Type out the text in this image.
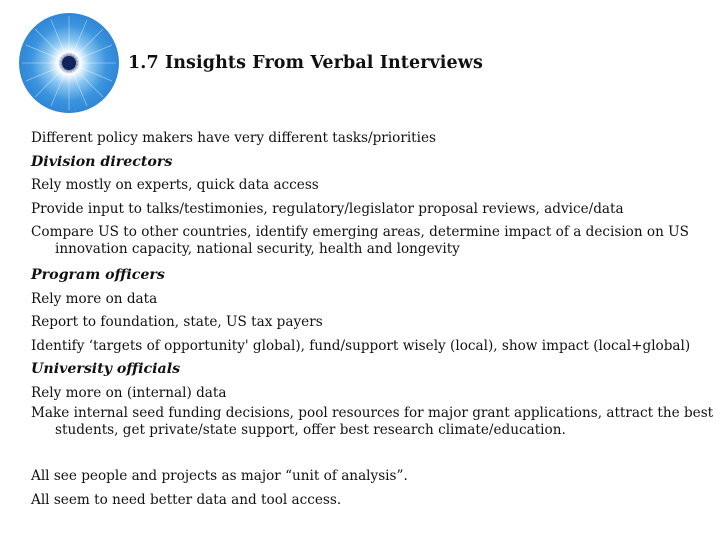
1.7 Insights From Verbal Interviews
Different policy makers have very different tasks/priorities
Division directors
Rely mostly on experts, quick data access
Provide input to talks/testimonies, regulatory/legislator proposal reviews, advice/data
Compare US to other countries, identify emerging areas, determine impact of a decision on US innovation capacity, national security, health and longevity
Program officers
Rely more on data
Report to foundation, state, US tax payers
Identify ‘targets of opportunity' global), fund/support wisely (local), show impact (local+global)
University officials
Rely more on (internal) data
Make internal seed funding decisions, pool resources for major grant applications, attract the best students, get private/state support, offer best research climate/education.
All see people and projects as major “unit of analysis”.
All seem to need better data and tool access.
